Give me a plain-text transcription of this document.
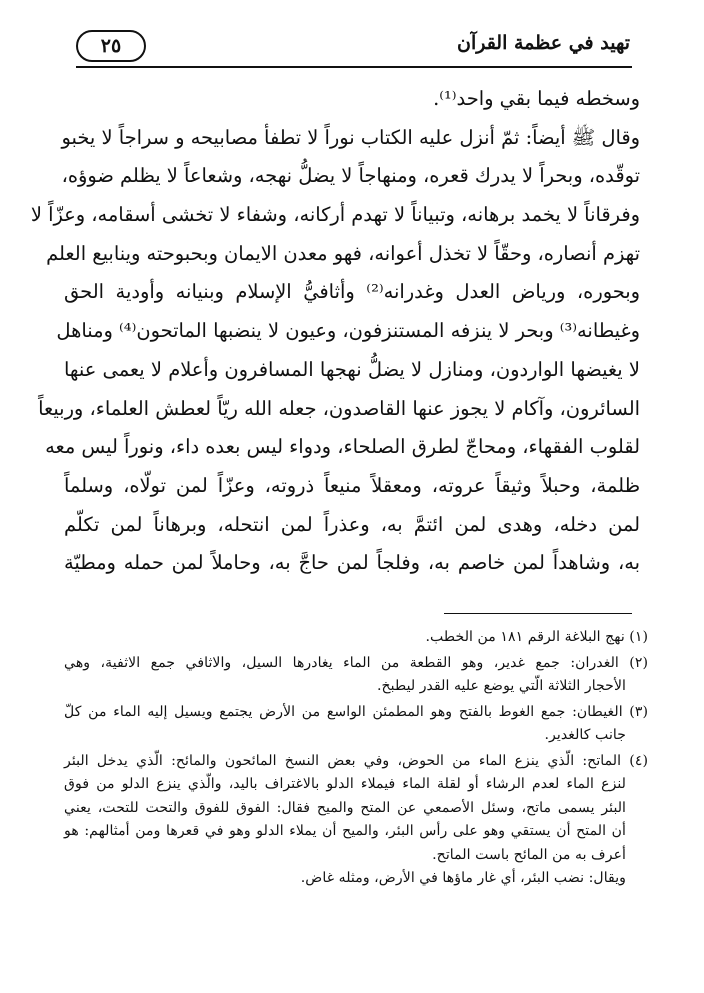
تهيد في عظمة القرآن
٢٥
وسخطه فيما بقي واحد⁽¹⁾.
وقال ﷺ أيضاً: ثمّ أنزل عليه الكتاب نوراً لا تطفأ مصابيحه و سراجاً لا يخبو
توقّده، وبحراً لا يدرك قعره، ومنهاجاً لا يضلُّ نهجه، وشعاعاً لا يظلم ضوؤه،
وفرقاناً لا يخمد برهانه، وتبياناً لا تهدم أركانه، وشفاء لا تخشى أسقامه، وعزّاً لا
تهزم أنصاره، وحقّاً لا تخذل أعوانه، فهو معدن الايمان وبحبوحته وينابيع العلم
وبحوره، ورياض العدل وغدرانه⁽²⁾ وأثافيُّ الإسلام وبنيانه وأودية الحق
وغيطانه⁽³⁾ وبحر لا ينزفه المستنزفون، وعيون لا ينضبها الماتحون⁽⁴⁾ ومناهل
لا يغيضها الواردون، ومنازل لا يضلُّ نهجها المسافرون وأعلام لا يعمى عنها
السائرون، وآكام لا يجوز عنها القاصدون، جعله الله ريّاً لعطش العلماء، وربيعاً
لقلوب الفقهاء، ومحاجّ لطرق الصلحاء، ودواء ليس بعده داء، ونوراً ليس معه
ظلمة، وحبلاً وثيقاً عروته، ومعقلاً منيعاً ذروته، وعزّاً لمن تولّاه، وسلماً
لمن دخله، وهدى لمن ائتمَّ به، وعذراً لمن انتحله، وبرهاناً لمن تكلّم
به، وشاهداً لمن خاصم به، وفلجاً لمن حاجَّ به، وحاملاً لمن حمله ومطيّة
(١) نهج البلاغة الرقم ١٨١ من الخطب.
(٢) الغدران: جمع غدير، وهو القطعة من الماء يغادرها السيل، والاثافي جمع الاثفية، وهي
الأحجار الثلاثة الّتي يوضع عليه القدر ليطبخ.
(٣) الغيطان: جمع الغوط بالفتح وهو المطمئن الواسع من الأرض يجتمع ويسيل إليه الماء من كلّ
جانب كالغدير.
(٤) الماتح: الّذي ينزع الماء من الحوض، وفي بعض النسخ المائحون والمائح: الّذي يدخل البئر
لنزع الماء لعدم الرشاء أو لقلة الماء فيملاء الدلو بالاغتراف باليد، والّذي ينزع الدلو من فوق
البئر يسمى ماتح، وسئل الأصمعي عن المتح والميح فقال: الفوق للفوق والتحت للتحت، يعني
أن المتح أن يستقي وهو على رأس البئر، والميح أن يملاء الدلو وهو في قعرها ومن أمثالهم: هو
أعرف به من المائح باست الماتح.
ويقال: نضب البئر، أي غار ماؤها في الأرض، ومثله غاض.
